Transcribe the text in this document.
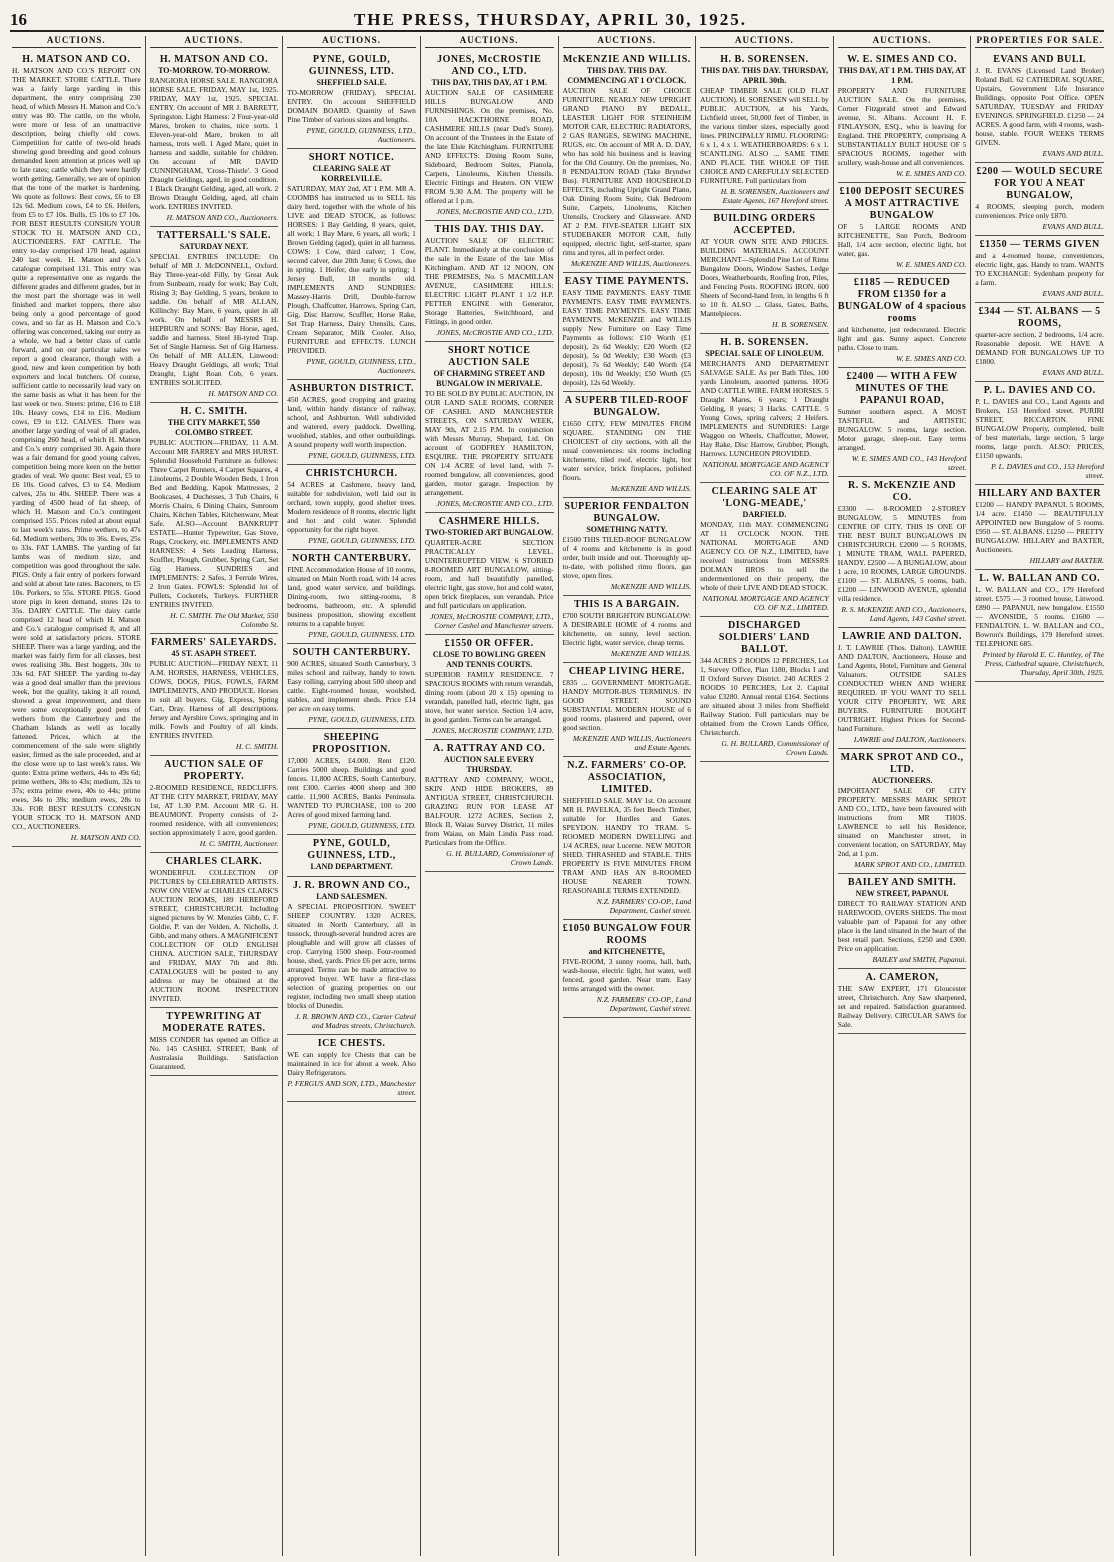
16	THE PRESS, THURSDAY, APRIL 30, 1925.
AUCTIONS.
H. MATSON AND CO.
H. MATSON AND CO.'S REPORT ON THE MARKET. STORE CATTLE. There was a fairly large yarding in this department, the entry comprising 230 head, of which Messrs H. Matson and Co.'s entry was 80. The cattle, on the whole, were more or less of an unattractive description, being chiefly old cows. Competition for cattle of two-old heads showing good breeding and good colours demanded keen attention at prices well up to late rates; cattle which they were hardly worth getting. Generally, we are of opinion that the tone of the market is hardening. We quote as follows: Best cows, £6 to £8 12s 6d. Medium cows, £4 to £6. Heifers, from £5 to £7 10s. Bulls, £5 10s to £7 10s. FOR BEST RESULTS CONSIGN YOUR STOCK TO H. MATSON AND CO., AUCTIONEERS. FAT CATTLE. The entry to-day comprised 170 head, against 240 last week. H. Matson and Co.'s catalogue comprised 131. This entry was quite a representative one as regards the different grades and different grades, but in the most part the shortage was in well finished and market toppers, there also being only a good percentage of good cows, and so far as H. Matson and Co.'s offering was concerned, taking our entry as a whole, we had a better class of cattle forward, and on our particular sales we report a good clearance, though with a good, new and keen competition by both exporters and local butchers. Of course, sufficient cattle to necessarily lead vary on the same basis as what it has been for the last week or two. Steers: prime, £16 to £18 10s. Heavy cows, £14 to £16. Medium cows, £9 to £12. CALVES. There was another large yarding of veal of all grades, comprising 260 head, of which H. Matson and Co.'s entry comprised 30. Again there was a fair demand for good young calves, competition being more keen on the better grades of veal. We quote: Best veal, £5 to £6 10s. Good calves, £3 to £4. Medium calves, 25s to 40s. SHEEP. There was a yarding of 4500 head of fat sheep, of which H. Matson and Co.'s contingent comprised 155. Prices ruled at about equal to last week's rates. Prime wethers, to 47s 6d. Medium wethers, 30s to 36s. Ewes, 25s to 33s. FAT LAMBS. The yarding of fat lambs was of medium size, and competition was good throughout the sale. PIGS. Only a fair entry of porkers forward and sold at about late rates. Baconers, to £5 10s. Porkers, to 55s. STORE PIGS. Good store pigs in keen demand, stores 12s to 35s. DAIRY CATTLE. The dairy cattle comprised 12 head of which H. Matson and Co.'s catalogue comprised 8, and all were sold at satisfactory prices. STORE SHEEP. There was a large yarding, and the market was fairly firm for all classes, best ewes realising 38s. Best hoggets, 30s to 33s 6d. FAT SHEEP. The yarding to-day was a good deal smaller than the previous week, but the quality, taking it all round, showed a great improvement, and there were some exceptionally good pens of wethers from the Canterbury and the Chatham Islands as well as locally fattened. Prices, which at the commencement of the sale were slightly easier, firmed as the sale proceeded, and at the close were up to last week's rates. We quote: Extra prime wethers, 44s to 49s 6d; prime wethers, 38s to 43s; medium, 32s to 37s; extra prime ewes, 40s to 44s; prime ewes, 34s to 39s; medium ewes, 28s to 33s. FOR BEST RESULTS CONSIGN YOUR STOCK TO H. MATSON AND CO., AUCTIONEERS.
H. MATSON AND CO.
AUCTIONS.
H. MATSON AND CO.
TO-MORROW. TO-MORROW.
RANGIORA HORSE SALE. RANGIORA HORSE SALE. FRIDAY, MAY 1st, 1925. FRIDAY, MAY 1st, 1925. SPECIAL ENTRY. On account of MR J. BARRETT, Springston. Light Harness: 2 Four-year-old Mares, broken to chains, nice sorts. 1 Eleven-year-old Mare, broken to all harness, trots well. 1 Aged Mare, quiet in harness and saddle, suitable for children. On account of MR DAVID CUNNINGHAM, 'Cross-Thistle'. 3 Good Draught Geldings, aged, in good condition. 1 Black Draught Gelding, aged, all work. 2 Brown Draught Gelding, aged, all chain work. ENTRIES INVITED.
H. MATSON AND CO., Auctioneers.
TATTERSALL'S SALE.
SATURDAY NEXT.
SPECIAL ENTRIES INCLUDE: On behalf of MR J. McDONNELL, Oxford. Bay Three-year-old Filly, by Great Auk from Sunbeam, ready for work; Bay Colt, Rising 3; Bay Gelding, 5 years, broken to saddle. On behalf of MR ALLAN, Killinchy: Bay Mare, 6 years, quiet in all work. On behalf of MESSRS H. HEPBURN and SONS: Bay Horse, aged, saddle and harness. Steel Hi-tyred Trap. Set of Single Harness. Set of Gig Harness. On behalf of MR ALLEN, Linwood: Heavy Draught Geldings, all work; Trial Draught, Light Roan Cob, 6 years. ENTRIES SOLICITED.
H. MATSON AND CO.
H. C. SMITH.
THE CITY MARKET, 550 COLOMBO STREET.
PUBLIC AUCTION—FRIDAY, 11 A.M. Account MR FARREY and MRS HURST. Splendid Household Furniture as follows: Three Carpet Runners, 4 Carpet Squares, 4 Linoleums, 2 Double Wooden Beds, 1 Iron Bed and Bedding, Kapok Mattresses, 2 Bookcases, 4 Duchesses, 3 Tub Chairs, 6 Morris Chairs, 6 Dining Chairs, Sunroom Chairs, Kitchen Tables, Kitchenware, Meat Safe. ALSO—Account BANKRUPT ESTATE—Hunter Typewriter, Gas Stove, Rugs, Crockery, etc. IMPLEMENTS AND HARNESS: 4 Sets Leading Harness, Scuffler, Plough, Grubber, Spring Cart, Set Gig Harness. SUNDRIES and IMPLEMENTS: 2 Safes, 3 Ferrule Wires, 2 Iron Gates. FOWLS: Splendid lot of Pullets, Cockerels, Turkeys. FURTHER ENTRIES INVITED.
H. C. SMITH. The Old Market, 550 Colombo St.
FARMERS' SALEYARDS.
45 ST. ASAPH STREET.
PUBLIC AUCTION—FRIDAY NEXT, 11 A.M. HORSES, HARNESS, VEHICLES, COWS, DOGS, PIGS, FOWLS, FARM IMPLEMENTS, AND PRODUCE. Horses to suit all buyers. Gig, Express, Spring Cart, Dray. Harness of all descriptions. Jersey and Ayrshire Cows, springing and in milk. Fowls and Poultry of all kinds. ENTRIES INVITED.
H. C. SMITH.
AUCTION SALE OF PROPERTY.
2-ROOMED RESIDENCE, REDCLIFFS. AT THE CITY MARKET, FRIDAY, MAY 1st, AT 1.30 P.M. Account MR G. H. BEAUMONT. Property consists of 2-roomed residence, with all conveniences; section approximately 1 acre, good garden.
H. C. SMITH, Auctioneer.
CHARLES CLARK.
WONDERFUL COLLECTION OF PICTURES by CELEBRATED ARTISTS. NOW ON VIEW at CHARLES CLARK'S AUCTION ROOMS, 189 HEREFORD STREET, CHRISTCHURCH. Including signed pictures by W. Menzies Gibb, C. F. Goldie, P. van der Velden, A. Nicholls, J. Gibb, and many others. A MAGNIFICENT COLLECTION OF OLD ENGLISH CHINA. AUCTION SALE, THURSDAY and FRIDAY, MAY 7th and 8th. CATALOGUES will be posted to any address or may be obtained at the AUCTION ROOM. INSPECTION INVITED.
TYPEWRITING AT MODERATE RATES.
MISS CONDER has opened an Office at No. 145 CASHEL STREET, Bank of Australasia Buildings. Satisfaction Guaranteed.
AUCTIONS.
PYNE, GOULD, GUINNESS, LTD.
SHEFFIELD SALE.
TO-MORROW (FRIDAY). SPECIAL ENTRY. On account SHEFFIELD DOMAIN BOARD. Quantity of Sawn Pine Timber of various sizes and lengths.
PYNE, GOULD, GUINNESS, LTD., Auctioneers.
SHORT NOTICE.
CLEARING SALE AT KORRELVILLE.
SATURDAY, MAY 2nd, AT 1 P.M. MR A. COOMBS has instructed us to SELL his dairy herd, together with the whole of his LIVE and DEAD STOCK, as follows: HORSES: 1 Bay Gelding, 8 years, quiet, all work; 1 Bay Mare, 6 years, all work; 1 Brown Gelding (aged), quiet in all harness. COWS: 1 Cow, third calver; 1 Cow, second calver, due 20th June; 6 Cows, due in spring. 1 Heifer, due early in spring; 1 Jersey Bull, 18 months old. IMPLEMENTS AND SUNDRIES: Massey-Harris Drill, Double-furrow Plough, Chaffcutter, Harrows, Spring Cart, Gig, Disc Harrow, Scuffler, Horse Rake, Set Trap Harness, Dairy Utensils, Cans, Cream Separator, Milk Cooler. Also, FURNITURE and EFFECTS. LUNCH PROVIDED.
PYNE, GOULD, GUINNESS, LTD., Auctioneers.
ASHBURTON DISTRICT.
450 ACRES, good cropping and grazing land, within handy distance of railway, school, and Ashburton. Well subdivided and watered, every paddock. Dwelling, woolshed, stables, and other outbuildings. A sound property well worth inspection.
PYNE, GOULD, GUINNESS, LTD.
CHRISTCHURCH.
54 ACRES at Cashmere, heavy land, suitable for subdivision, well laid out in orchard, town supply, good shelter trees. Modern residence of 8 rooms, electric light and hot and cold water. Splendid opportunity for the right buyer.
PYNE, GOULD, GUINNESS, LTD.
NORTH CANTERBURY.
FINE Accommodation House of 10 rooms, situated on Main North road, with 14 acres land, good water service, and buildings. Dining-room, two sitting-rooms, 8 bedrooms, bathroom, etc. A splendid business proposition, showing excellent returns to a capable buyer.
PYNE, GOULD, GUINNESS, LTD.
SOUTH CANTERBURY.
900 ACRES, situated South Canterbury, 3 miles school and railway, handy to town. Easy rolling, carrying about 500 sheep and cattle. Eight-roomed house, woolshed, stables, and implement sheds. Price £14 per acre on easy terms.
PYNE, GOULD, GUINNESS, LTD.
SHEEPING PROPOSITION.
17,000 ACRES, £4.000. Rent £120. Carries 5000 sheep. Buildings and good fences. 11,800 ACRES, South Canterbury, rent £300. Carries 4000 sheep and 300 cattle. 11,900 ACRES, Banks Peninsula. WANTED TO PURCHASE, 100 to 200 Acres of good mixed farming land.
PYNE, GOULD, GUINNESS, LTD.
PYNE, GOULD, GUINNESS, LTD.,
LAND DEPARTMENT.
J. R. BROWN AND CO.,
LAND SALESMEN.
A SPECIAL PROPOSITION. 'SWEET' SHEEP COUNTRY. 1320 ACRES, situated in North Canterbury, all in tussock, through-several hundred acres are ploughable and will grow all classes of crop. Carrying 1500 sheep. Four-roomed house, shed, yards. Price £6 per acre, terms arranged. Terms can be made attractive to approved buyer. WE have a first-class selection of grazing properties on our register, including two small sheep station blocks of Dunedin.
J. R. BROWN AND CO., Carter Cabral and Madras streets, Christchurch.
ICE CHESTS.
WE can supply Ice Chests that can be maintained in ice for about a week. Also Dairy Refrigerators.
P. FERGUS AND SON, LTD., Manchester street.
AUCTIONS.
JONES, McCROSTIE AND CO., LTD.
THIS DAY, THIS DAY, AT 1 P.M.
AUCTION SALE OF CASHMERE HILLS BUNGALOW AND FURNISHINGS. On the premises, No. 10A HACKTHORNE ROAD, CASHMERE HILLS (near Dud's Store). On account of the Trustees in the Estate of the late Elsie Kitchingham. FURNITURE AND EFFECTS: Dining Room Suite, Sideboard, Bedroom Suites, Pianola, Carpets, Linoleums, Kitchen Utensils. Electric Fittings and Heaters. ON VIEW FROM 9.30 A.M. The property will be offered at 1 p.m.
JONES, McCROSTIE AND CO., LTD.
THIS DAY. THIS DAY.
AUCTION SALE OF ELECTRIC PLANT. Immediately at the conclusion of the sale in the Estate of the late Miss Kitchingham. AND AT 12 NOON, ON THE PREMISES, No. 5 MACMILLAN AVENUE, CASHMERE HILLS: ELECTRIC LIGHT PLANT 1 1/2 H.P. PETTER ENGINE with Generator, Storage Batteries, Switchboard, and Fittings, in good order.
JONES, McCROSTIE AND CO., LTD.
SHORT NOTICE AUCTION SALE
OF CHARMING STREET AND BUNGALOW IN MERIVALE.
TO BE SOLD BY PUBLIC AUCTION, IN OUR LAND SALE ROOMS, CORNER OF CASHEL AND MANCHESTER STREETS, ON SATURDAY WEEK, MAY 9th, AT 2.15 P.M. In conjunction with Messrs Murray, Shepard, Ltd. On account of GODFREY HAMILTON, ESQUIRE. THE PROPERTY SITUATE ON 1/4 ACRE of level land, with 7-roomed bungalow, all conveniences, good garden, motor garage. Inspection by arrangement.
JONES, McCROSTIE AND CO., LTD.
CASHMERE HILLS.
TWO-STORIED ART BUNGALOW.
QUARTER-ACRE SECTION PRACTICALLY LEVEL. UNINTERRUPTED VIEW. 6 STORIED 8-ROOMED ART BUNGALOW, sitting-room, and hall beautifully panelled, electric light, gas stove, hot and cold water, open brick fireplaces, sun verandah. Price and full particulars on application.
JONES, McCROSTIE COMPANY, LTD., Corner Cashel and Manchester streets.
£1550 OR OFFER.
CLOSE TO BOWLING GREEN AND TENNIS COURTS.
SUPERIOR FAMILY RESIDENCE. 7 SPACIOUS ROOMS with return verandah, dining room (about 20 x 15) opening to verandah, panelled hall, electric light, gas stove, hot water service. Section 1/4 acre, in good garden. Terms can be arranged.
JONES, McCROSTIE COMPANY, LTD.
A. RATTRAY AND CO.
AUCTION SALE EVERY THURSDAY.
RATTRAY AND COMPANY, WOOL, SKIN AND HIDE BROKERS, 89 ANTIGUA STREET, CHRISTCHURCH. GRAZING RUN FOR LEASE AT BALFOUR. 1272 ACRES, Section 2, Block II, Waiau Survey District, 11 miles from Waiau, on Main Lindis Pass road. Particulars from the Office.
G. H. BULLARD, Commissioner of Crown Lands.
AUCTIONS.
McKENZIE AND WILLIS.
THIS DAY. THIS DAY. COMMENCING AT 1 O'CLOCK.
AUCTION SALE OF CHOICE FURNITURE. NEARLY NEW UPRIGHT GRAND PIANO BY BEDALL, LEASTER LIGHT FOR STEINHEIM MOTOR CAR, ELECTRIC RADIATORS, 2 GAS RANGES, SEWING MACHINE, RUGS, etc. On account of MR A. D. DAY, who has sold his business and is leaving for the Old Country. On the premises, No. 8 PENDALTON ROAD (Take Bryndwr Bus). FURNITURE AND HOUSEHOLD EFFECTS, including Upright Grand Piano, Oak Dining Room Suite, Oak Bedroom Suite, Carpets, Linoleums, Kitchen Utensils, Crockery and Glassware. AND AT 2 P.M. FIVE-SEATER LIGHT SIX STUDEBAKER MOTOR CAR, fully equipped, electric light, self-starter, spare rims and tyres, all in perfect order.
McKENZIE AND WILLIS, Auctioneers.
EASY TIME PAYMENTS.
EASY TIME PAYMENTS. EASY TIME PAYMENTS. EASY TIME PAYMENTS. EASY TIME PAYMENTS. EASY TIME PAYMENTS. McKENZIE and WILLIS supply New Furniture on Easy Time Payments as follows: £10 Worth (£1 deposit), 2s 6d Weekly; £20 Worth (£2 deposit), 5s 0d Weekly; £30 Worth (£3 deposit), 7s 6d Weekly; £40 Worth (£4 deposit), 10s 0d Weekly; £50 Worth (£5 deposit), 12s 6d Weekly.
A SUPERB TILED-ROOF BUNGALOW.
£1650 CITY, FEW MINUTES FROM SQUARE. STANDING ON THE CHOICEST of city sections, with all the usual conveniences: six rooms including kitchenette, tiled roof, electric light, hot water service, brick fireplaces, polished floors.
McKENZIE AND WILLIS.
SUPERIOR FENDALTON BUNGALOW.
SOMETHING NATTY.
£1500 THIS TILED-ROOF BUNGALOW of 4 rooms and kitchenette is in good order, built inside and out. Thoroughly up-to-date, with polished rimu floors, gas stove, open fires.
McKENZIE AND WILLIS.
THIS IS A BARGAIN.
£700 SOUTH BRIGHTON BUNGALOW: A DESIRABLE HOME of 4 rooms and kitchenette, on sunny, level section. Electric light, water service, cheap terms.
McKENZIE AND WILLIS.
CHEAP LIVING HERE.
£835 ... GOVERNMENT MORTGAGE. HANDY MOTOR-BUS TERMINUS. IN GOOD STREET. SOUND SUBSTANTIAL MODERN HOUSE of 6 good rooms, plastered and papered, over good section.
McKENZIE AND WILLIS, Auctioneers and Estate Agents.
N.Z. FARMERS' CO-OP. ASSOCIATION, LIMITED.
SHEFFIELD SALE. MAY 1st. On account MR H. PAVELKA, 35 feet Beech Timber, suitable for Hurdles and Gates. SPEYDON. HANDY TO TRAM. 5-ROOMED MODERN DWELLING and 1/4 ACRES, near Lucerne. NEW MOTOR SHED. THRASHED and STABLE. THIS PROPERTY IS FIVE MINUTES FROM TRAM AND HAS AN 8-ROOMED HOUSE NEARER TOWN. REASONABLE TERMS EXTENDED.
N.Z. FARMERS' CO-OP., Land Department, Cashel street.
£1050 BUNGALOW FOUR ROOMS
and KITCHENETTE,
FIVE-ROOM, 3 sunny rooms, hall, bath, wash-house, electric light, hot water, well fenced, good garden. Near tram. Easy terms arranged with the owner.
N.Z. FARMERS' CO-OP., Land Department, Cashel street.
AUCTIONS.
H. B. SORENSEN.
THIS DAY. THIS DAY. THURSDAY, APRIL 30th.
CHEAP TIMBER SALE (OLD FLAT AUCTION). H. SORENSEN will SELL by PUBLIC AUCTION, at his Yards, Lichfield street, 50,000 feet of Timber, in the various timber sizes, especially good lines. PRINCIPALLY RIMU. FLOORING: 6 x 1, 4 x 1. WEATHERBOARDS: 6 x 1. SCANTLING. ALSO ... SAME TIME AND PLACE. THE WHOLE OF THE CHOICE AND CAREFULLY SELECTED FURNITURE. Full particulars from
H. B. SORENSEN, Auctioneers and Estate Agents, 167 Hereford street.
BUILDING ORDERS ACCEPTED.
AT YOUR OWN SITE AND PRICES. BUILDING MATERIALS. ACCOUNT MERCHANT—Splendid Pine Lot of Rimu Bungalow Doors, Window Sashes, Ledge Doors, Weatherboards, Roofing Iron, Piles, and Fencing Posts. ROOFING IRON. 600 Sheets of Second-hand Iron, in lengths 6 ft to 10 ft. ALSO ... Glass, Gates, Baths, Mantelpieces.
H. B. SORENSEN.
H. B. SORENSEN.
SPECIAL SALE OF LINOLEUM.
MERCHANTS AND DEPARTMENT SALVAGE SALE. As per Bath Tiles, 100 yards Linoleum, assorted patterns. HOG AND CATTLE WIRE. FARM HORSES. 5 Draught Mares, 6 years; 1 Draught Gelding, 8 years; 3 Hacks. CATTLE. 5 Young Cows, spring calvers; 2 Heifers. IMPLEMENTS and SUNDRIES: Large Waggon on Wheels, Chaffcutter, Mower, Hay Rake, Disc Harrow, Grubber, Plough, Harrows. LUNCHEON PROVIDED.
NATIONAL MORTGAGE AND AGENCY CO. OF N.Z., LTD.
CLEARING SALE AT 'LONG-MEADE,'
DARFIELD.
MONDAY, 11th MAY. COMMENCING AT 11 O'CLOCK NOON. THE NATIONAL MORTGAGE AND AGENCY CO. OF N.Z., LIMITED, have received instructions from MESSRS DOLMAN BROS to sell the undermentioned on their property, the whole of their LIVE AND DEAD STOCK.
NATIONAL MORTGAGE AND AGENCY CO. OF N.Z., LIMITED.
DISCHARGED SOLDIERS' LAND BALLOT.
344 ACRES 2 ROODS 12 PERCHES, Lot 1, Survey Office, Plan 1180, Blocks I and II Oxford Survey District. 240 ACRES 2 ROODS 10 PERCHES, Lot 2. Capital value £3280. Annual rental £164. Sections are situated about 3 miles from Sheffield Railway Station. Full particulars may be obtained from the Crown Lands Office, Christchurch.
G. H. BULLARD, Commissioner of Crown Lands.
AUCTIONS.
W. E. SIMES AND CO.
THIS DAY, AT 1 P.M. THIS DAY, AT 1 P.M.
PROPERTY AND FURNITURE AUCTION SALE. On the premises, Corner Fitzgerald street and Edward avenue, St. Albans. Account H. F. FINLAYSON, ESQ., who is leaving for England. THE PROPERTY, comprising A SUBSTANTIALLY BUILT HOUSE OF 5 SPACIOUS ROOMS, together with scullery, wash-house and all conveniences.
W. E. SIMES AND CO.
£100 DEPOSIT SECURES A MOST ATTRACTIVE BUNGALOW
OF 5 LARGE ROOMS AND KITCHENETTE, Sun Porch, Bedroom Hall, 1/4 acre section, electric light, hot water, gas.
W. E. SIMES AND CO.
£1185 — REDUCED FROM £1350 for a BUNGALOW of 4 spacious rooms
and kitchenette, just redecorated. Electric light and gas. Sunny aspect. Concrete paths. Close to tram.
W. E. SIMES AND CO.
£2400 — WITH A FEW MINUTES OF THE PAPANUI ROAD,
Sumner southern aspect. A MOST TASTEFUL and ARTISTIC BUNGALOW. 5 rooms, large section. Motor garage, sleep-out. Easy terms arranged.
W. E. SIMES AND CO., 143 Hereford street.
R. S. McKENZIE AND CO.
£3300 — 8-ROOMED 2-STOREY BUNGALOW, 5 MINUTES from CENTRE OF CITY. THIS IS ONE OF THE BEST BUILT BUNGALOWS IN CHRISTCHURCH. £2000 — 5 ROOMS, 1 MINUTE TRAM, WALL PAPERED, HANDY. £2500 — A BUNGALOW, about 1 acre, 10 ROOMS, LARGE GROUNDS. £1100 — ST. ALBANS, 5 rooms, bath. £1200 — LINWOOD AVENUE, splendid villa residence.
R. S. McKENZIE AND CO., Auctioneers, Land Agents, 143 Cashel street.
LAWRIE AND DALTON.
J. T. LAWRIE (Thos. Dalton). LAWRIE AND DALTON, Auctioneers, House and Land Agents, Hotel, Furniture and General Valuators. OUTSIDE SALES CONDUCTED WHEN AND WHERE REQUIRED. IF YOU WANT TO SELL YOUR CITY PROPERTY, WE ARE BUYERS. FURNITURE BOUGHT OUTRIGHT. Highest Prices for Second-hand Furniture.
LAWRIE and DALTON, Auctioneers.
MARK SPROT AND CO., LTD.
AUCTIONEERS.
IMPORTANT SALE OF CITY PROPERTY. MESSRS MARK SPROT AND CO., LTD., have been favoured with instructions from MR THOS. LAWRENCE to sell his Residence, situated on Manchester street, in convenient location, on SATURDAY, May 2nd, at 1 p.m.
MARK SPROT AND CO., LIMITED.
BAILEY AND SMITH.
NEW STREET, PAPANUI.
DIRECT TO RAILWAY STATION AND HAREWOOD, OVERS SHEDS. The most valuable part of Papanui for any other place is the land situated in the heart of the best retail part. Sections, £250 and £300. Price on application.
BAILEY and SMITH, Papanui.
A. CAMERON,
THE SAW EXPERT, 171 Gloucester street, Christchurch. Any Saw sharpened, set and repaired. Satisfaction guaranteed. Railway Delivery. CIRCULAR SAWS for Sale.
PROPERTIES FOR SALE.
EVANS AND BULL
J. R. EVANS (Licensed Land Broker) Roland Bull. 62 CATHEDRAL SQUARE, Upstairs, Government Life Insurance Buildings, opposite Post Office. OPEN SATURDAY, TUESDAY and FRIDAY EVENINGS. SPRINGFIELD. £1250 — 24 ACRES. A good farm, with 4 rooms, wash-house, stable. FOUR WEEKS TERMS GIVEN.
EVANS AND BULL.
£200 — WOULD SECURE FOR YOU A NEAT BUNGALOW,
4 ROOMS, sleeping porch, modern conveniences. Price only £870.
EVANS AND BULL.
£1350 — TERMS GIVEN
and a 4-roomed house, conveniences, electric light, gas. Handy to tram. WANTS TO EXCHANGE: Sydenham property for a farm.
EVANS AND BULL.
£344 — ST. ALBANS — 5 ROOMS,
quarter-acre section, 2 bedrooms, 1/4 acre. Reasonable deposit. WE HAVE A DEMAND FOR BUNGALOWS UP TO £1800.
EVANS AND BULL.
P. L. DAVIES AND CO.
P. L. DAVIES and CO., Land Agents and Brokers, 153 Hereford street. PURIRI STREET, RICCARTON. FINE BUNGALOW Property, completed, built of best materials, large section, 5 large rooms, large porch. ALSO: PRICES, £1150 upwards.
P. L. DAVIES and CO., 153 Hereford street.
HILLARY AND BAXTER
£1200 — HANDY PAPANUI. 5 ROOMS, 1/4 acre. £1450 — BEAUTIFULLY APPOINTED new Bungalow of 5 rooms. £950 — ST. ALBANS. £1250 — PRETTY BUNGALOW. HILLARY and BAXTER, Auctioneers.
HILLARY and BAXTER.
L. W. BALLAN AND CO.
L. W. BALLAN and CO., 179 Hereford street. £575 — 3 roomed house, Linwood. £890 — PAPANUI, new bungalow. £1550 — AVONSIDE, 5 rooms. £1600 — FENDALTON. L. W. BALLAN and CO., Bowron's Buildings, 179 Hereford street. TELEPHONE 685.
Printed by Harold E. C. Huntley, of The Press, Cathedral square, Christchurch, Thursday, April 30th, 1925.
